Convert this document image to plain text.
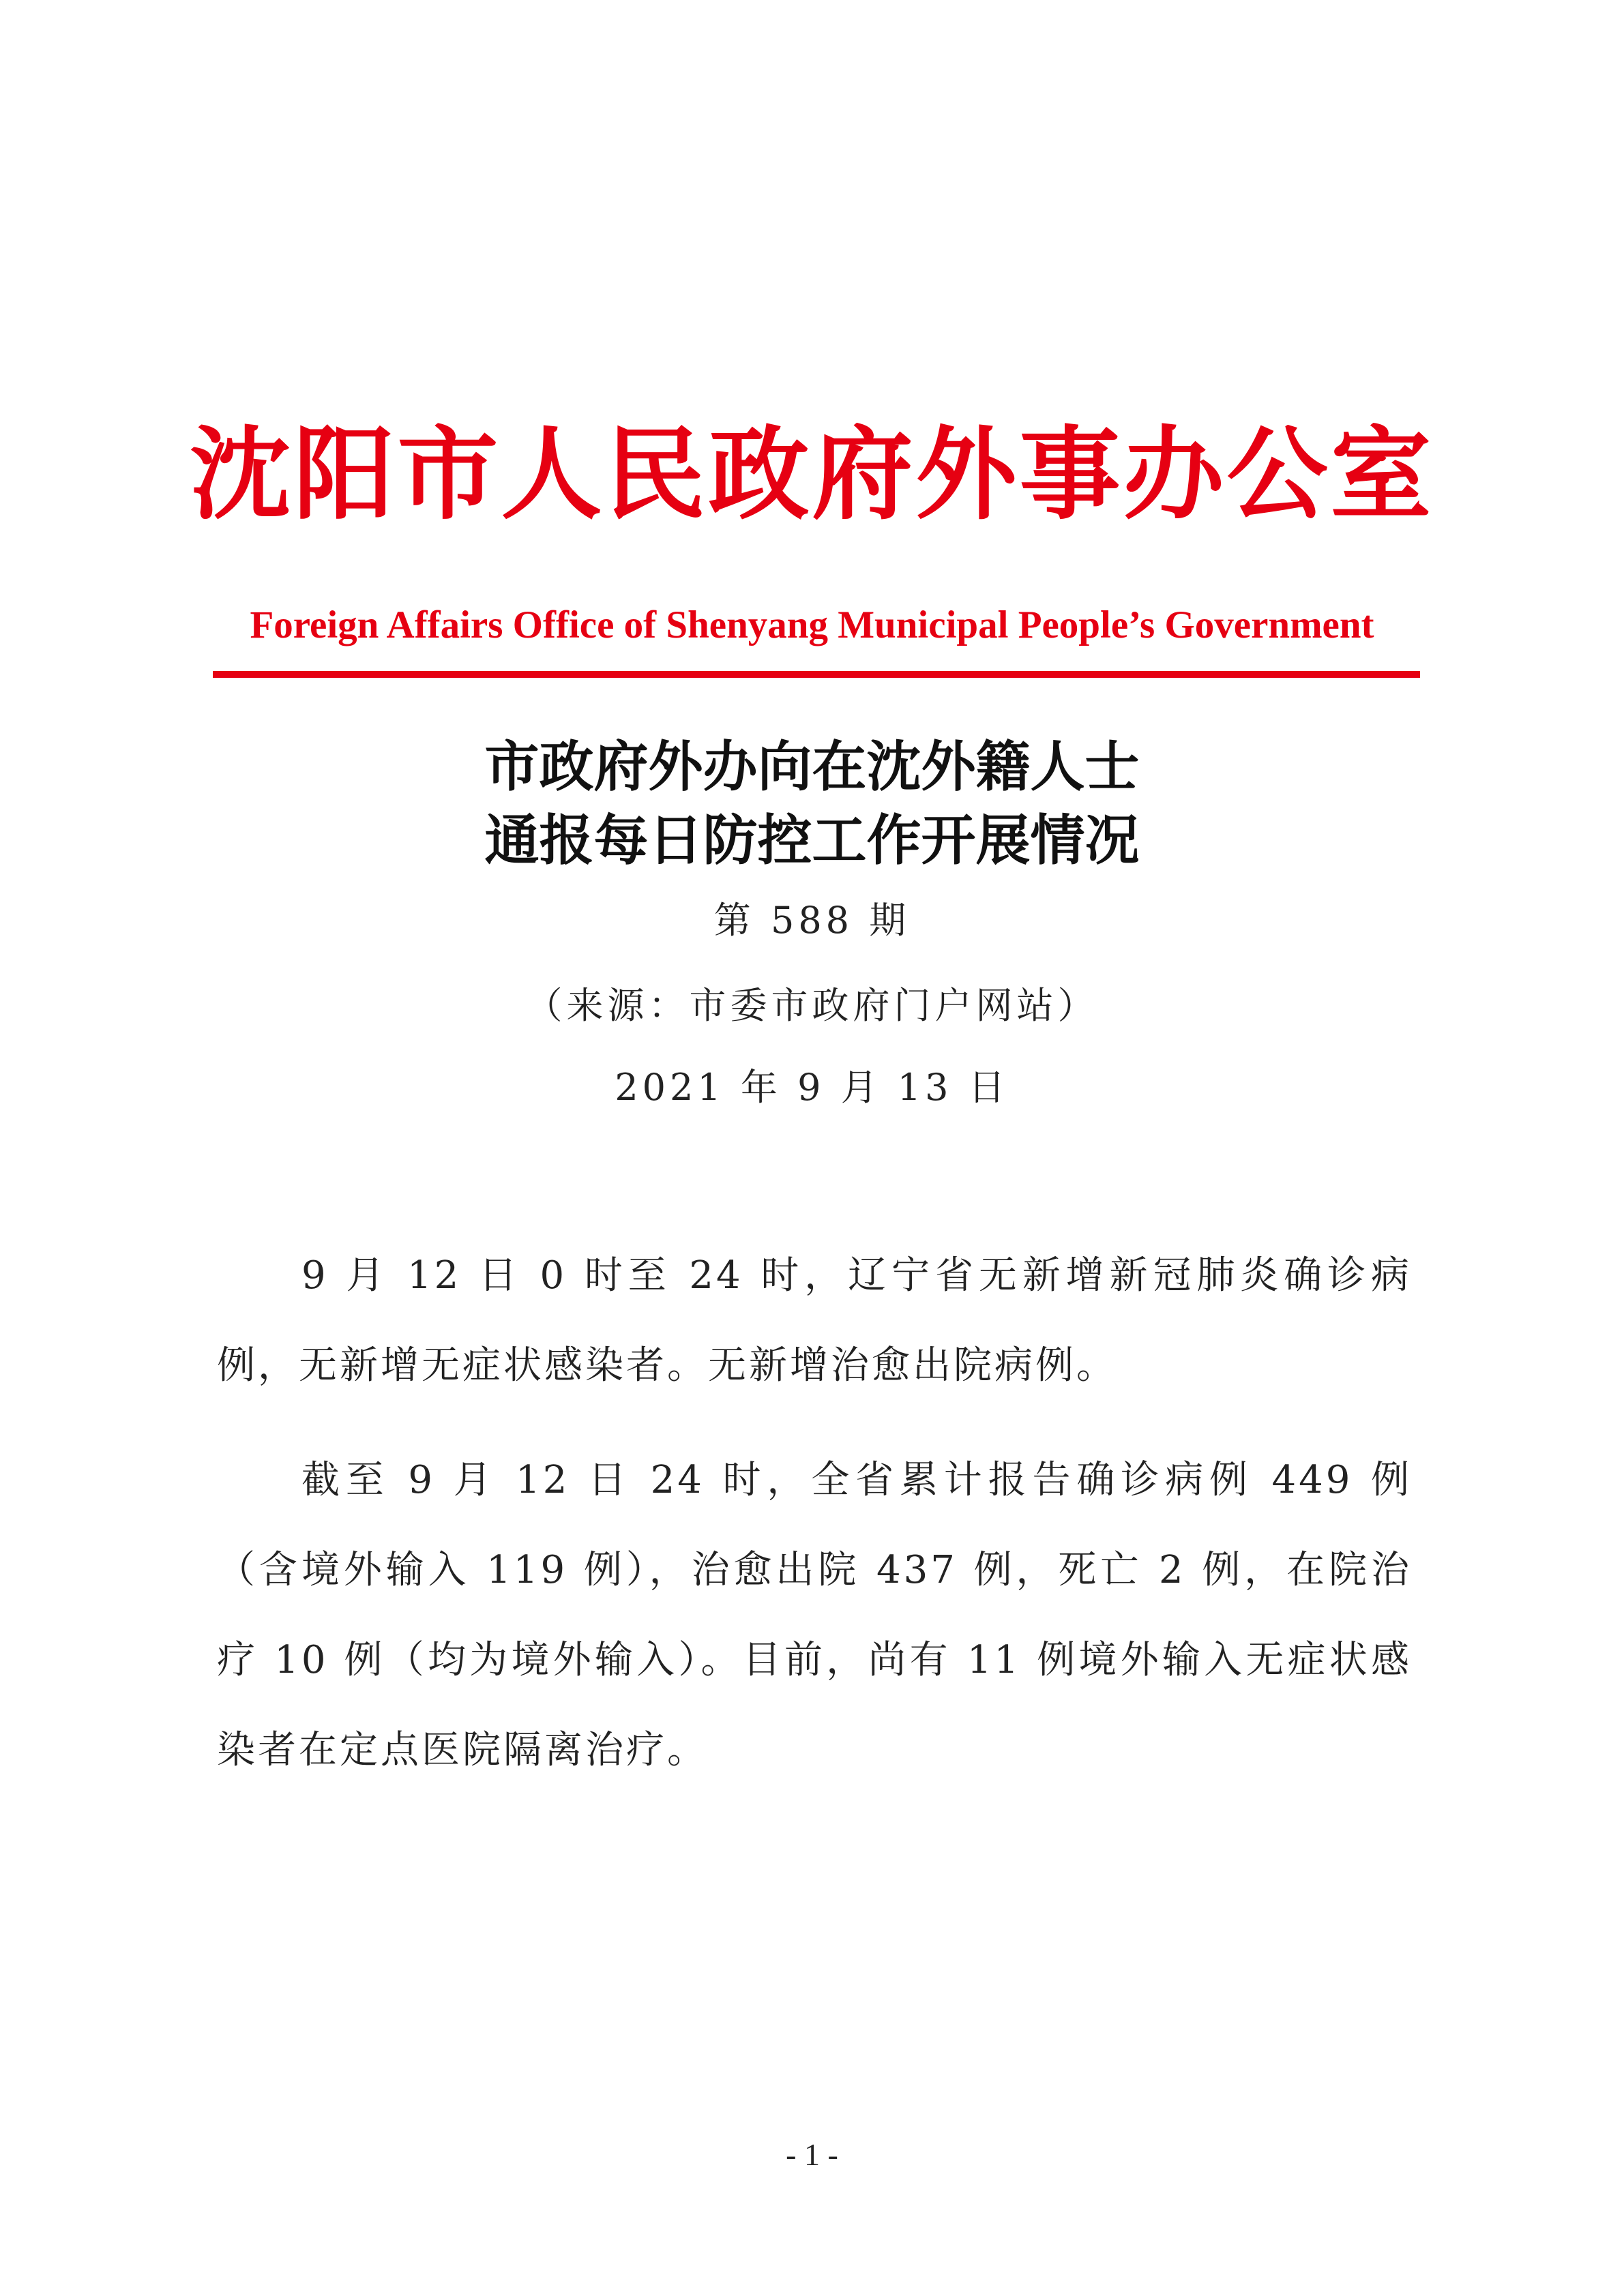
沈阳市人民政府外事办公室
Foreign Affairs Office of Shenyang Municipal People’s Government
市政府外办向在沈外籍人士
通报每日防控工作开展情况
第 588 期
（来源：市委市政府门户网站）
2021 年 9 月 13 日

9 月 12 日 0 时至 24 时，辽宁省无新增新冠肺炎确诊病例，无新增无症状感染者。无新增治愈出院病例。

截至 9 月 12 日 24 时，全省累计报告确诊病例 449 例（含境外输入 119 例），治愈出院 437 例，死亡 2 例，在院治疗 10 例（均为境外输入）。目前，尚有 11 例境外输入无症状感染者在定点医院隔离治疗。

- 1 -
